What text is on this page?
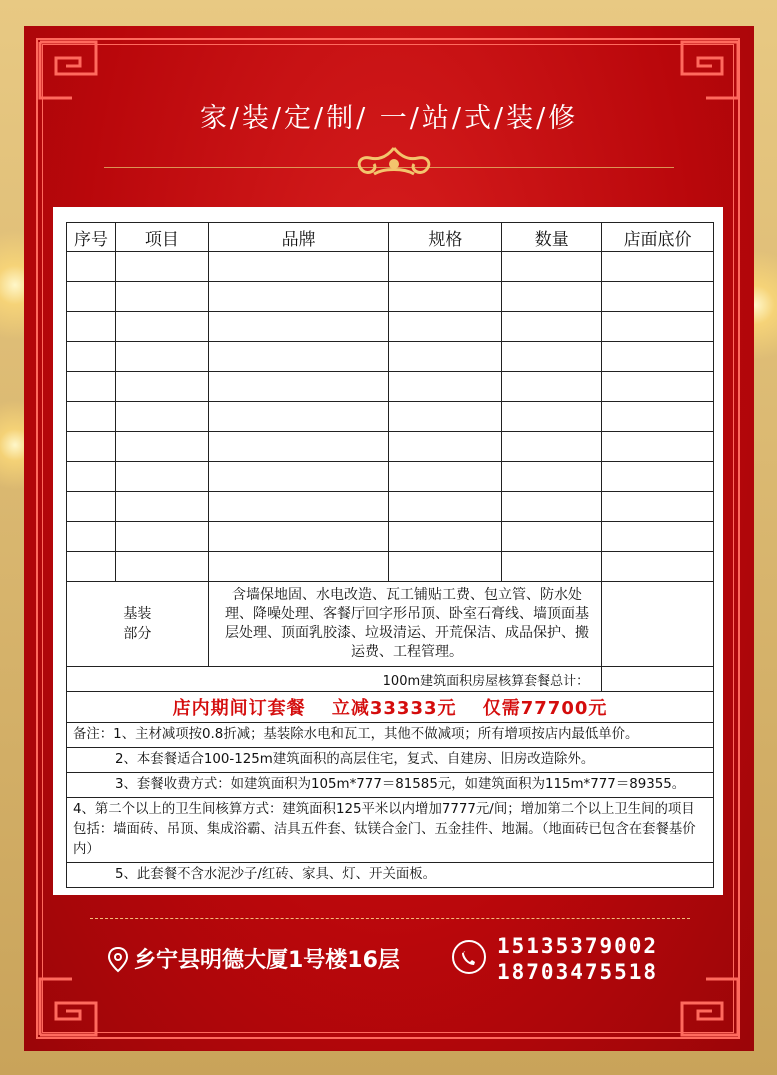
家/装/定/制/ 一/站/式/装/修
序号	项目	品牌	规格	数量	店面底价

基装
部分		含墙保地固、水电改造、瓦工铺贴工费、包立管、防水处理、降噪处理、客餐厅回字形吊顶、卧室石膏线、墙顶面基层处理、顶面乳胶漆、垃圾清运、开荒保洁、成品保护、搬运费、工程管理。			
100m建筑面积房屋核算套餐总计：					
店内期间订套餐　 立减33333元　 仅需77700元					
备注：1、主材减项按0.8折减；基装除水电和瓦工，其他不做减项；所有增项按店内最低单价。					
2、本套餐适合100-125m建筑面积的高层住宅，复式、自建房、旧房改造除外。					
3、套餐收费方式：如建筑面积为105m*777＝81585元，如建筑面积为115m*777＝89355。					
4、第二个以上的卫生间核算方式：建筑面积125平米以内增加7777元/间；增加第二个以上卫生间的项目包括：墙面砖、吊顶、集成浴霸、洁具五件套、钛镁合金门、五金挂件、地漏。（地面砖已包含在套餐基价内）					
5、此套餐不含水泥沙子/红砖、家具、灯、开关面板。					
乡宁县明德大厦1号楼16层
15135379002
18703475518
